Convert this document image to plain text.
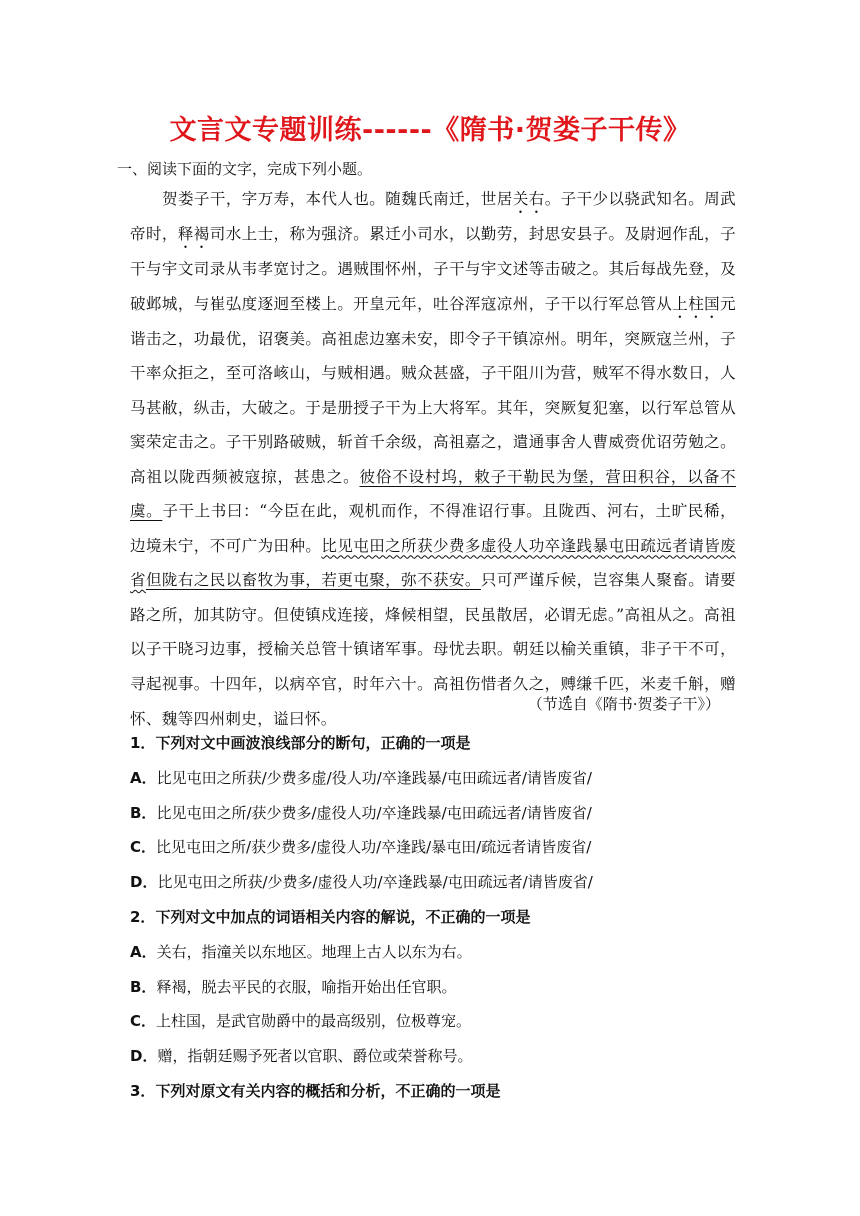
文言文专题训练------《隋书·贺娄子干传》
一、阅读下面的文字，完成下列小题。
贺娄子干，字万寿，本代人也。随魏氏南迁，世居关右。子干少以骁武知名。周武帝时，释褐司水上士，称为强济。累迁小司水，以勤劳，封思安县子。及尉迥作乱，子干与宇文司录从韦孝宽讨之。遇贼围怀州，子干与宇文述等击破之。其后每战先登，及破邺城，与崔弘度逐迥至楼上。开皇元年，吐谷浑寇凉州，子干以行军总管从上柱国元谐击之，功最优，诏褒美。高祖虑边塞未安，即令子干镇凉州。明年，突厥寇兰州，子干率众拒之，至可洛峐山，与贼相遇。贼众甚盛，子干阻川为营，贼军不得水数日，人马甚敝，纵击，大破之。于是册授子干为上大将军。其年，突厥复犯塞，以行军总管从窦荣定击之。子干别路破贼，斩首千余级，高祖嘉之，遣通事舍人曹威赍优诏劳勉之。高祖以陇西频被寇掠，甚患之。彼俗不设村坞，敕子干勒民为堡，营田积谷，以备不虞。子干上书曰：“今臣在此，观机而作，不得准诏行事。且陇西、河右，土旷民稀，边境未宁，不可广为田种。比见屯田之所获少费多虚役人功卒逢践暴屯田疏远者请皆废省但陇右之民以畜牧为事，若更屯聚，弥不获安。只可严谨斥候，岂容集人聚畜。请要路之所，加其防守。但使镇戍连接，烽候相望，民虽散居，必谓无虑。”高祖从之。高祖以子干晓习边事，授榆关总管十镇诸军事。母忧去职。朝廷以榆关重镇，非子干不可，寻起视事。十四年，以病卒官，时年六十。高祖伤惜者久之，赙缣千匹，米麦千斛，赠怀、魏等四州刺史，谥曰怀。
（节选自《隋书·贺娄子干》）
1．下列对文中画波浪线部分的断句，正确的一项是
A．比见屯田之所获/少费多虚/役人功/卒逢践暴/屯田疏远者/请皆废省/
B．比见屯田之所/获少费多/虚役人功/卒逢践暴/屯田疏远者/请皆废省/
C．比见屯田之所/获少费多/虚役人功/卒逢践/暴屯田/疏远者请皆废省/
D．比见屯田之所获/少费多/虚役人功/卒逢践暴/屯田疏远者/请皆废省/
2．下列对文中加点的词语相关内容的解说，不正确的一项是
A．关右，指潼关以东地区。地理上古人以东为右。
B．释褐，脱去平民的衣服，喻指开始出任官职。
C．上柱国，是武官勋爵中的最高级别，位极尊宠。
D．赠，指朝廷赐予死者以官职、爵位或荣誉称号。
3．下列对原文有关内容的概括和分析，不正确的一项是
